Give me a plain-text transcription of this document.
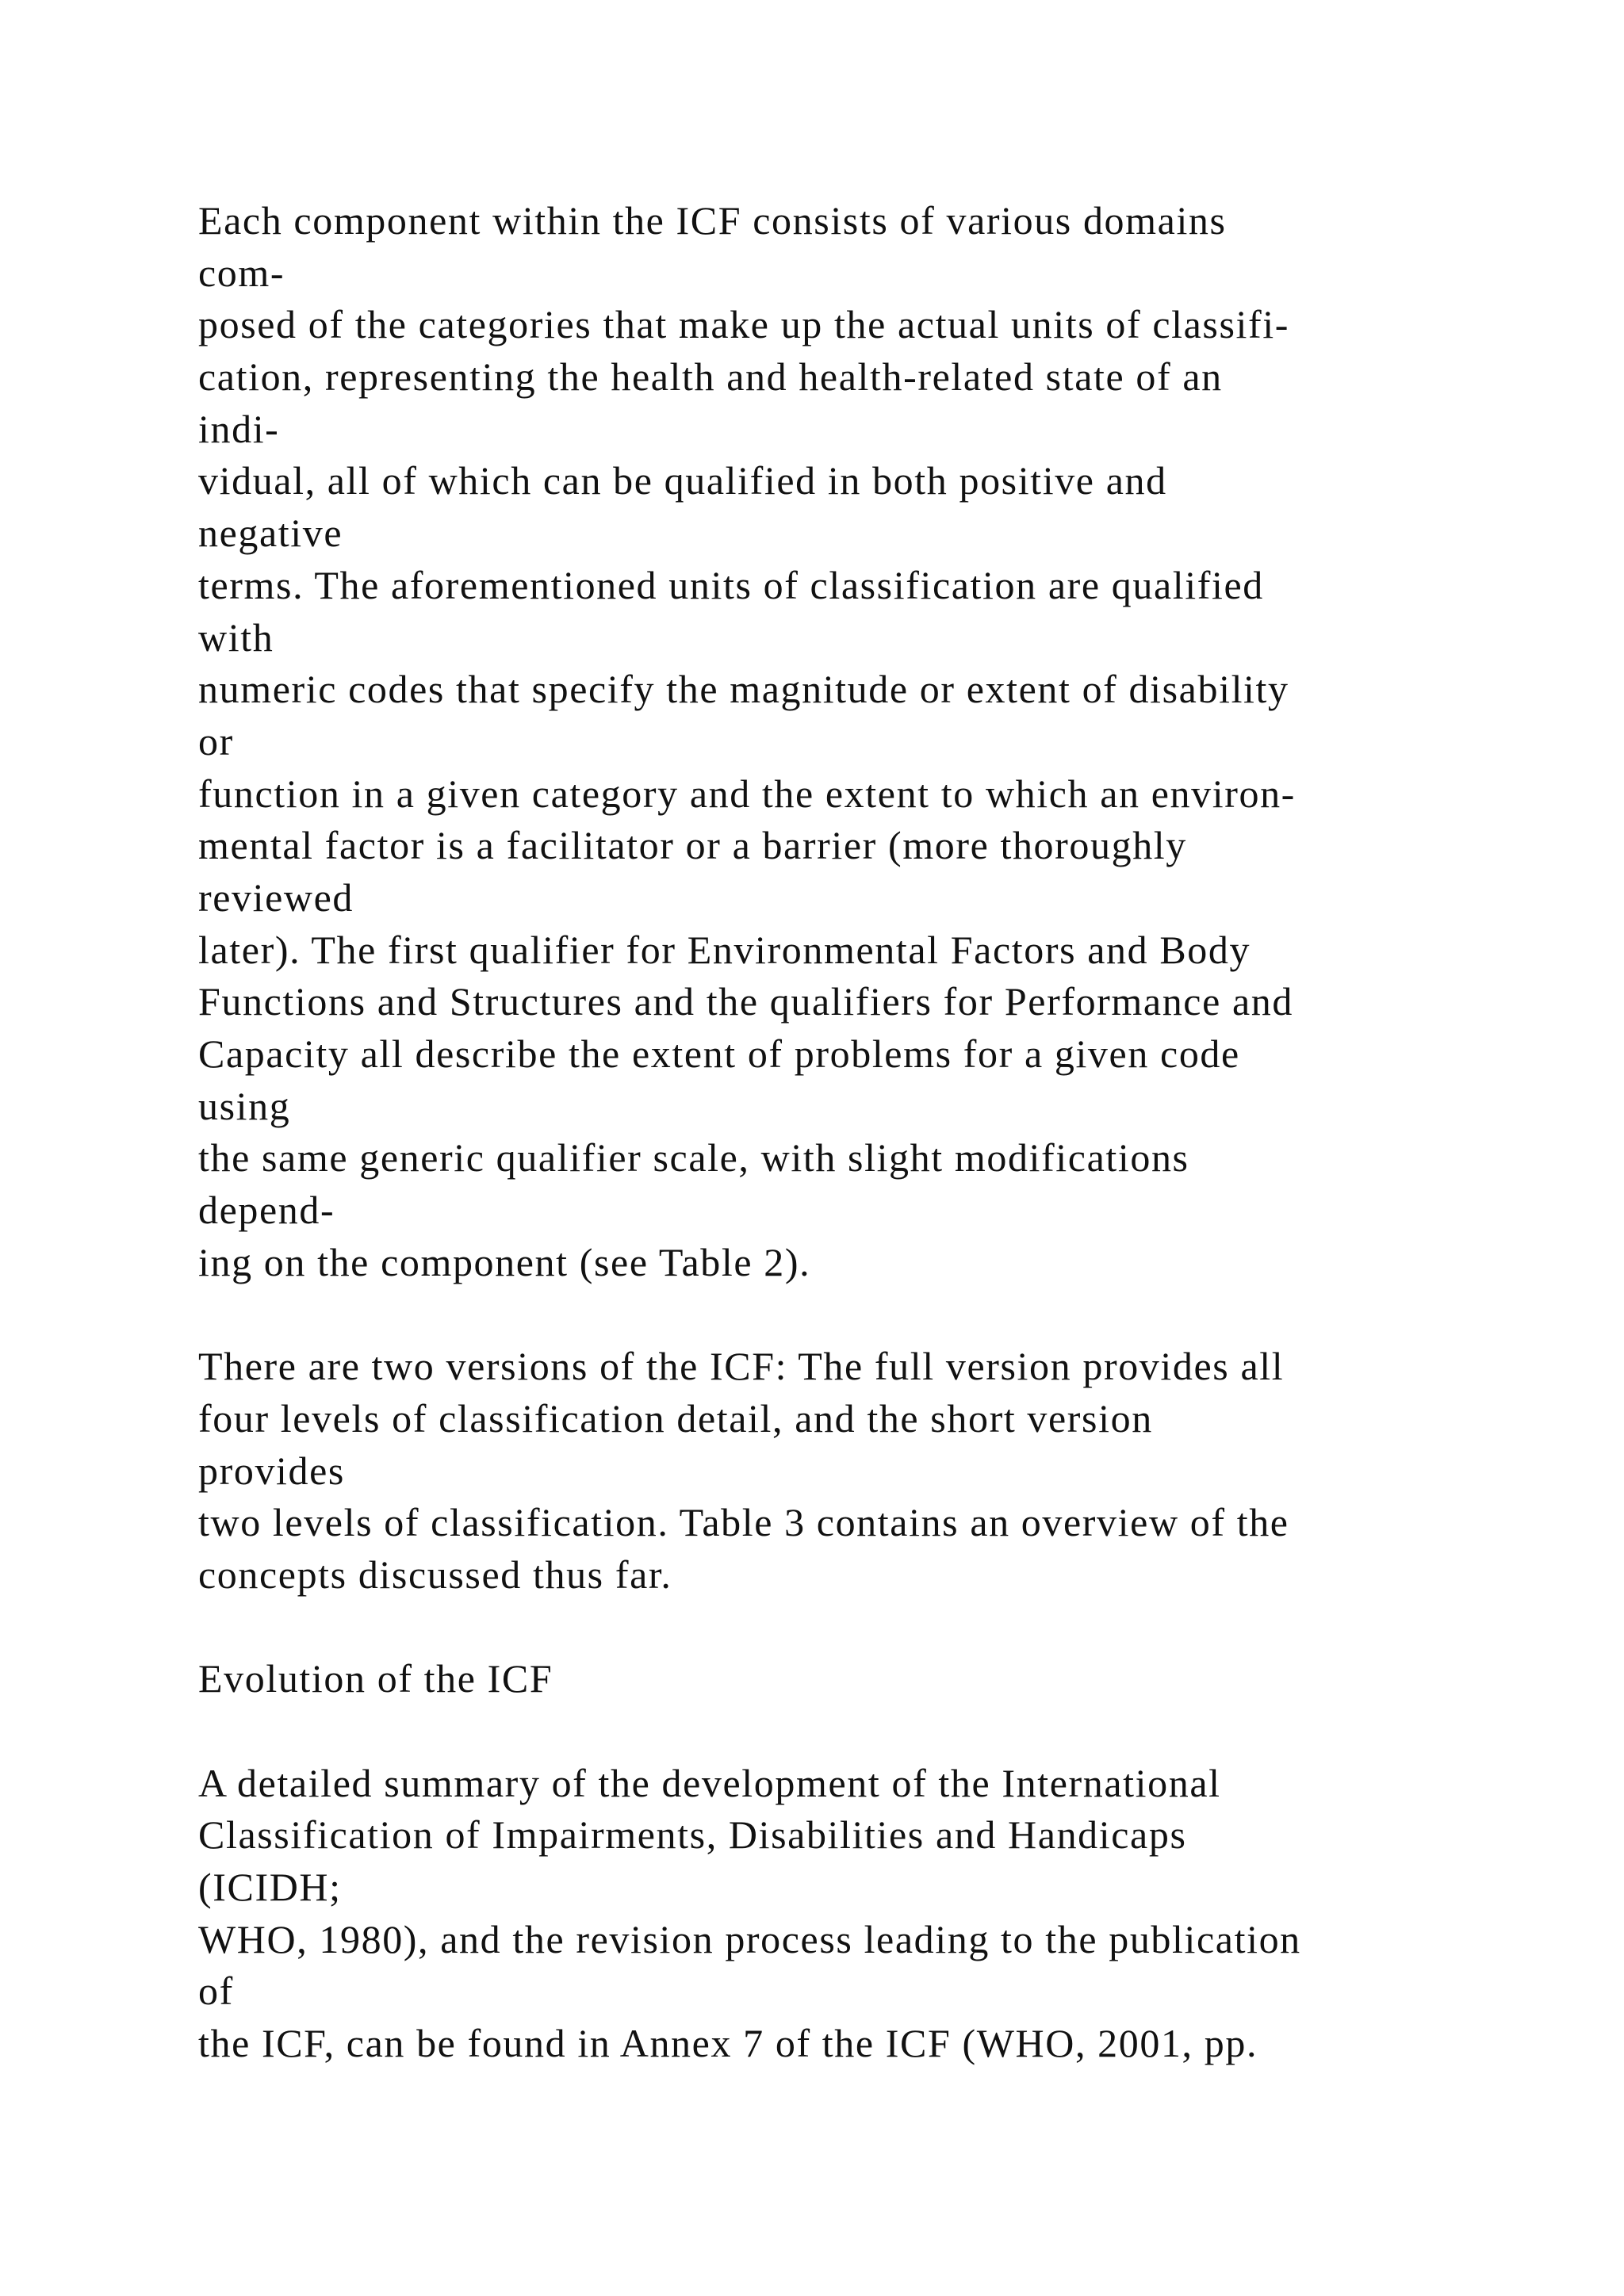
Each component within the ICF consists of various domains
com-
posed of the categories that make up the actual units of classifi-
cation, representing the health and health-related state of an
indi-
vidual, all of which can be qualified in both positive and
negative
terms. The aforementioned units of classification are qualified
with
numeric codes that specify the magnitude or extent of disability
or
function in a given category and the extent to which an environ-
mental factor is a facilitator or a barrier (more thoroughly
reviewed
later). The first qualifier for Environmental Factors and Body
Functions and Structures and the qualifiers for Performance and
Capacity all describe the extent of problems for a given code
using
the same generic qualifier scale, with slight modifications
depend-
ing on the component (see Table 2).
There are two versions of the ICF: The full version provides all
four levels of classification detail, and the short version
provides
two levels of classification. Table 3 contains an overview of the
concepts discussed thus far.
Evolution of the ICF
A detailed summary of the development of the International
Classification of Impairments, Disabilities and Handicaps
(ICIDH;
WHO, 1980), and the revision process leading to the publication
of
the ICF, can be found in Annex 7 of the ICF (WHO, 2001, pp.
